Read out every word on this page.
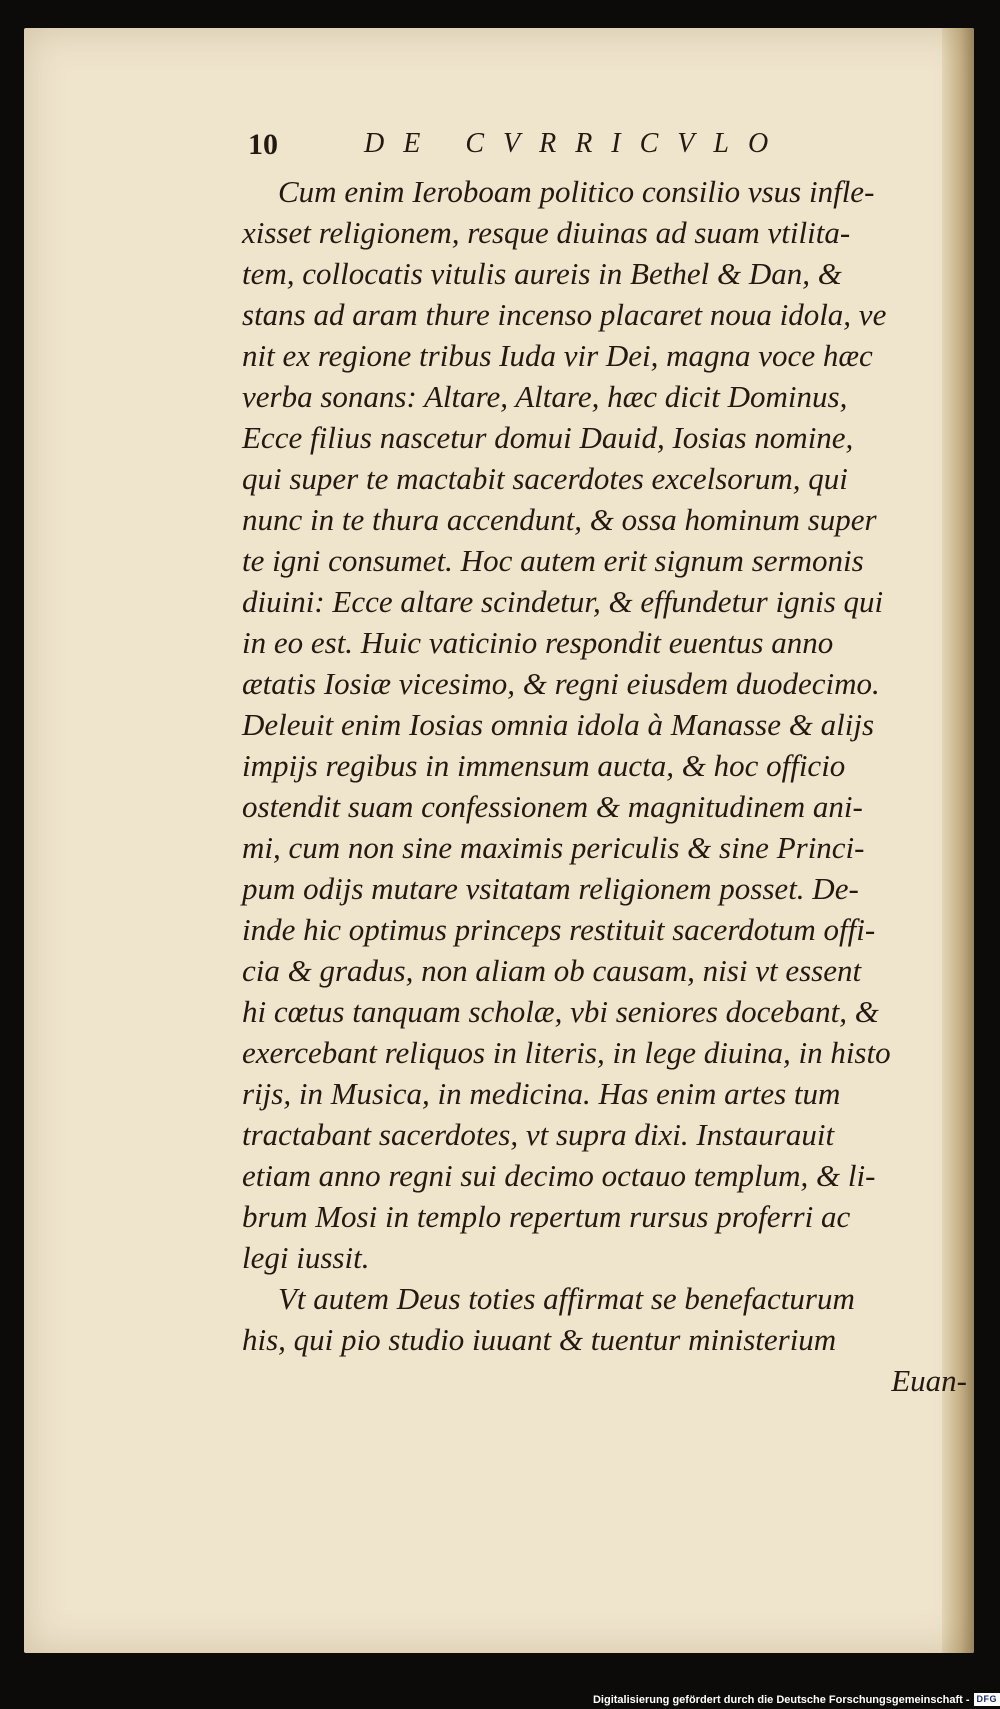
10	DE CVRRICVLO
Cum enim Ieroboam politico consilio vsus infle-
xisset religionem, resque diuinas ad suam vtilita-
tem, collocatis vitulis aureis in Bethel & Dan, &
stans ad aram thure incenso placaret noua idola, ve
nit ex regione tribus Iuda vir Dei, magna voce hæc
verba sonans: Altare, Altare, hæc dicit Dominus,
Ecce filius nascetur domui Dauid, Iosias nomine,
qui super te mactabit sacerdotes excelsorum, qui
nunc in te thura accendunt, & ossa hominum super
te igni consumet. Hoc autem erit signum sermonis
diuini: Ecce altare scindetur, & effundetur ignis qui
in eo est. Huic vaticinio respondit euentus anno
ætatis Iosiæ vicesimo, & regni eiusdem duodecimo.
Deleuit enim Iosias omnia idola à Manasse & alijs
impijs regibus in immensum aucta, & hoc officio
ostendit suam confessionem & magnitudinem ani-
mi, cum non sine maximis periculis & sine Princi-
pum odijs mutare vsitatam religionem posset. De-
inde hic optimus princeps restituit sacerdotum offi-
cia & gradus, non aliam ob causam, nisi vt essent
hi cœtus tanquam scholæ, vbi seniores docebant, &
exercebant reliquos in literis, in lege diuina, in histo
rijs, in Musica, in medicina. Has enim artes tum
tractabant sacerdotes, vt supra dixi. Instaurauit
etiam anno regni sui decimo octauo templum, & li-
brum Mosi in templo repertum rursus proferri ac
legi iussit.
Vt autem Deus toties affirmat se benefacturum
his, qui pio studio iuuant & tuentur ministerium
Euan-
Digitalisierung gefördert durch die Deutsche Forschungsgemeinschaft - DFG
